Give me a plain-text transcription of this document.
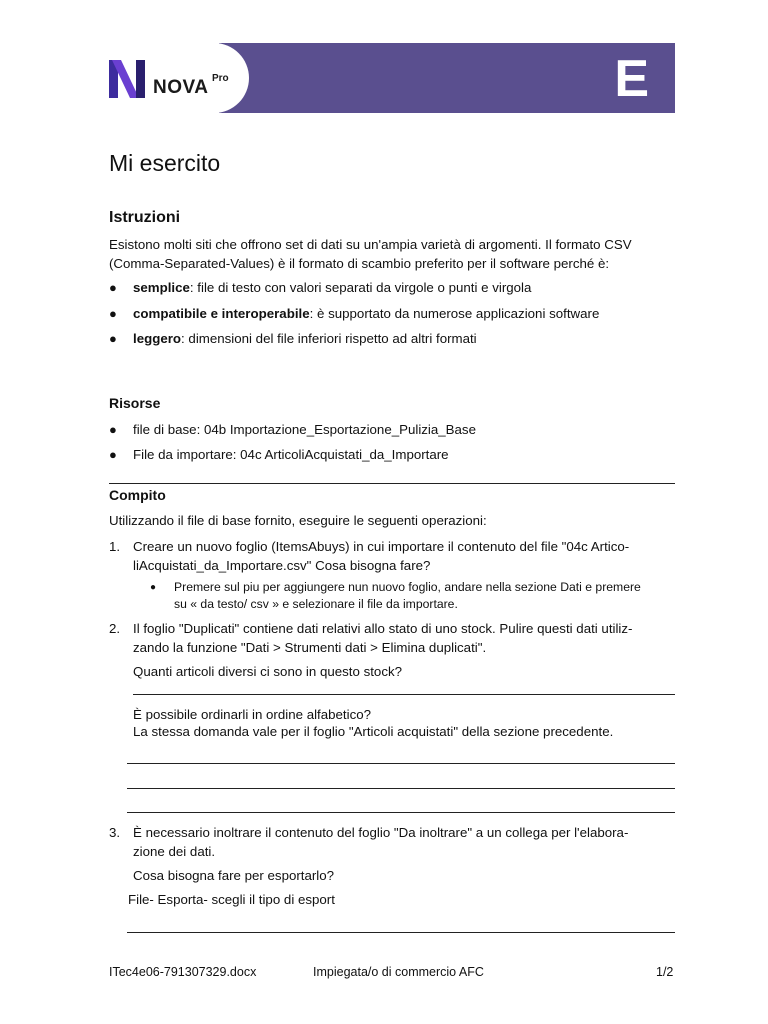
E
NOVA Pro
Mi esercito
Istruzioni
Esistono molti siti che offrono set di dati su un'ampia varietà di argomenti. Il formato CSV
(Comma-Separated-Values) è il formato di scambio preferito per il software perché è:
● semplice: file di testo con valori separati da virgole o punti e virgola
● compatibile e interoperabile: è supportato da numerose applicazioni software
● leggero: dimensioni del file inferiori rispetto ad altri formati
Risorse
● file di base: 04b Importazione_Esportazione_Pulizia_Base
● File da importare: 04c ArticoliAcquistati_da_Importare
Compito
Utilizzando il file di base fornito, eseguire le seguenti operazioni:
1. Creare un nuovo foglio (ItemsAbuys) in cui importare il contenuto del file "04c Artico-
liAcquistati_da_Importare.csv" Cosa bisogna fare?
● Premere sul piu per aggiungere nun nuovo foglio, andare nella sezione Dati e premere
su « da testo/ csv » e selezionare il file da importare.
2. Il foglio "Duplicati" contiene dati relativi allo stato di uno stock. Pulire questi dati utiliz-
zando la funzione "Dati > Strumenti dati > Elimina duplicati".
Quanti articoli diversi ci sono in questo stock?
È possibile ordinarli in ordine alfabetico?
La stessa domanda vale per il foglio "Articoli acquistati" della sezione precedente.
3. È necessario inoltrare il contenuto del foglio "Da inoltrare" a un collega per l'elabora-
zione dei dati.
Cosa bisogna fare per esportarlo?
File- Esporta- scegli il tipo di esport
ITec4e06-791307329.docx	Impiegata/o di commercio AFC	1/2
